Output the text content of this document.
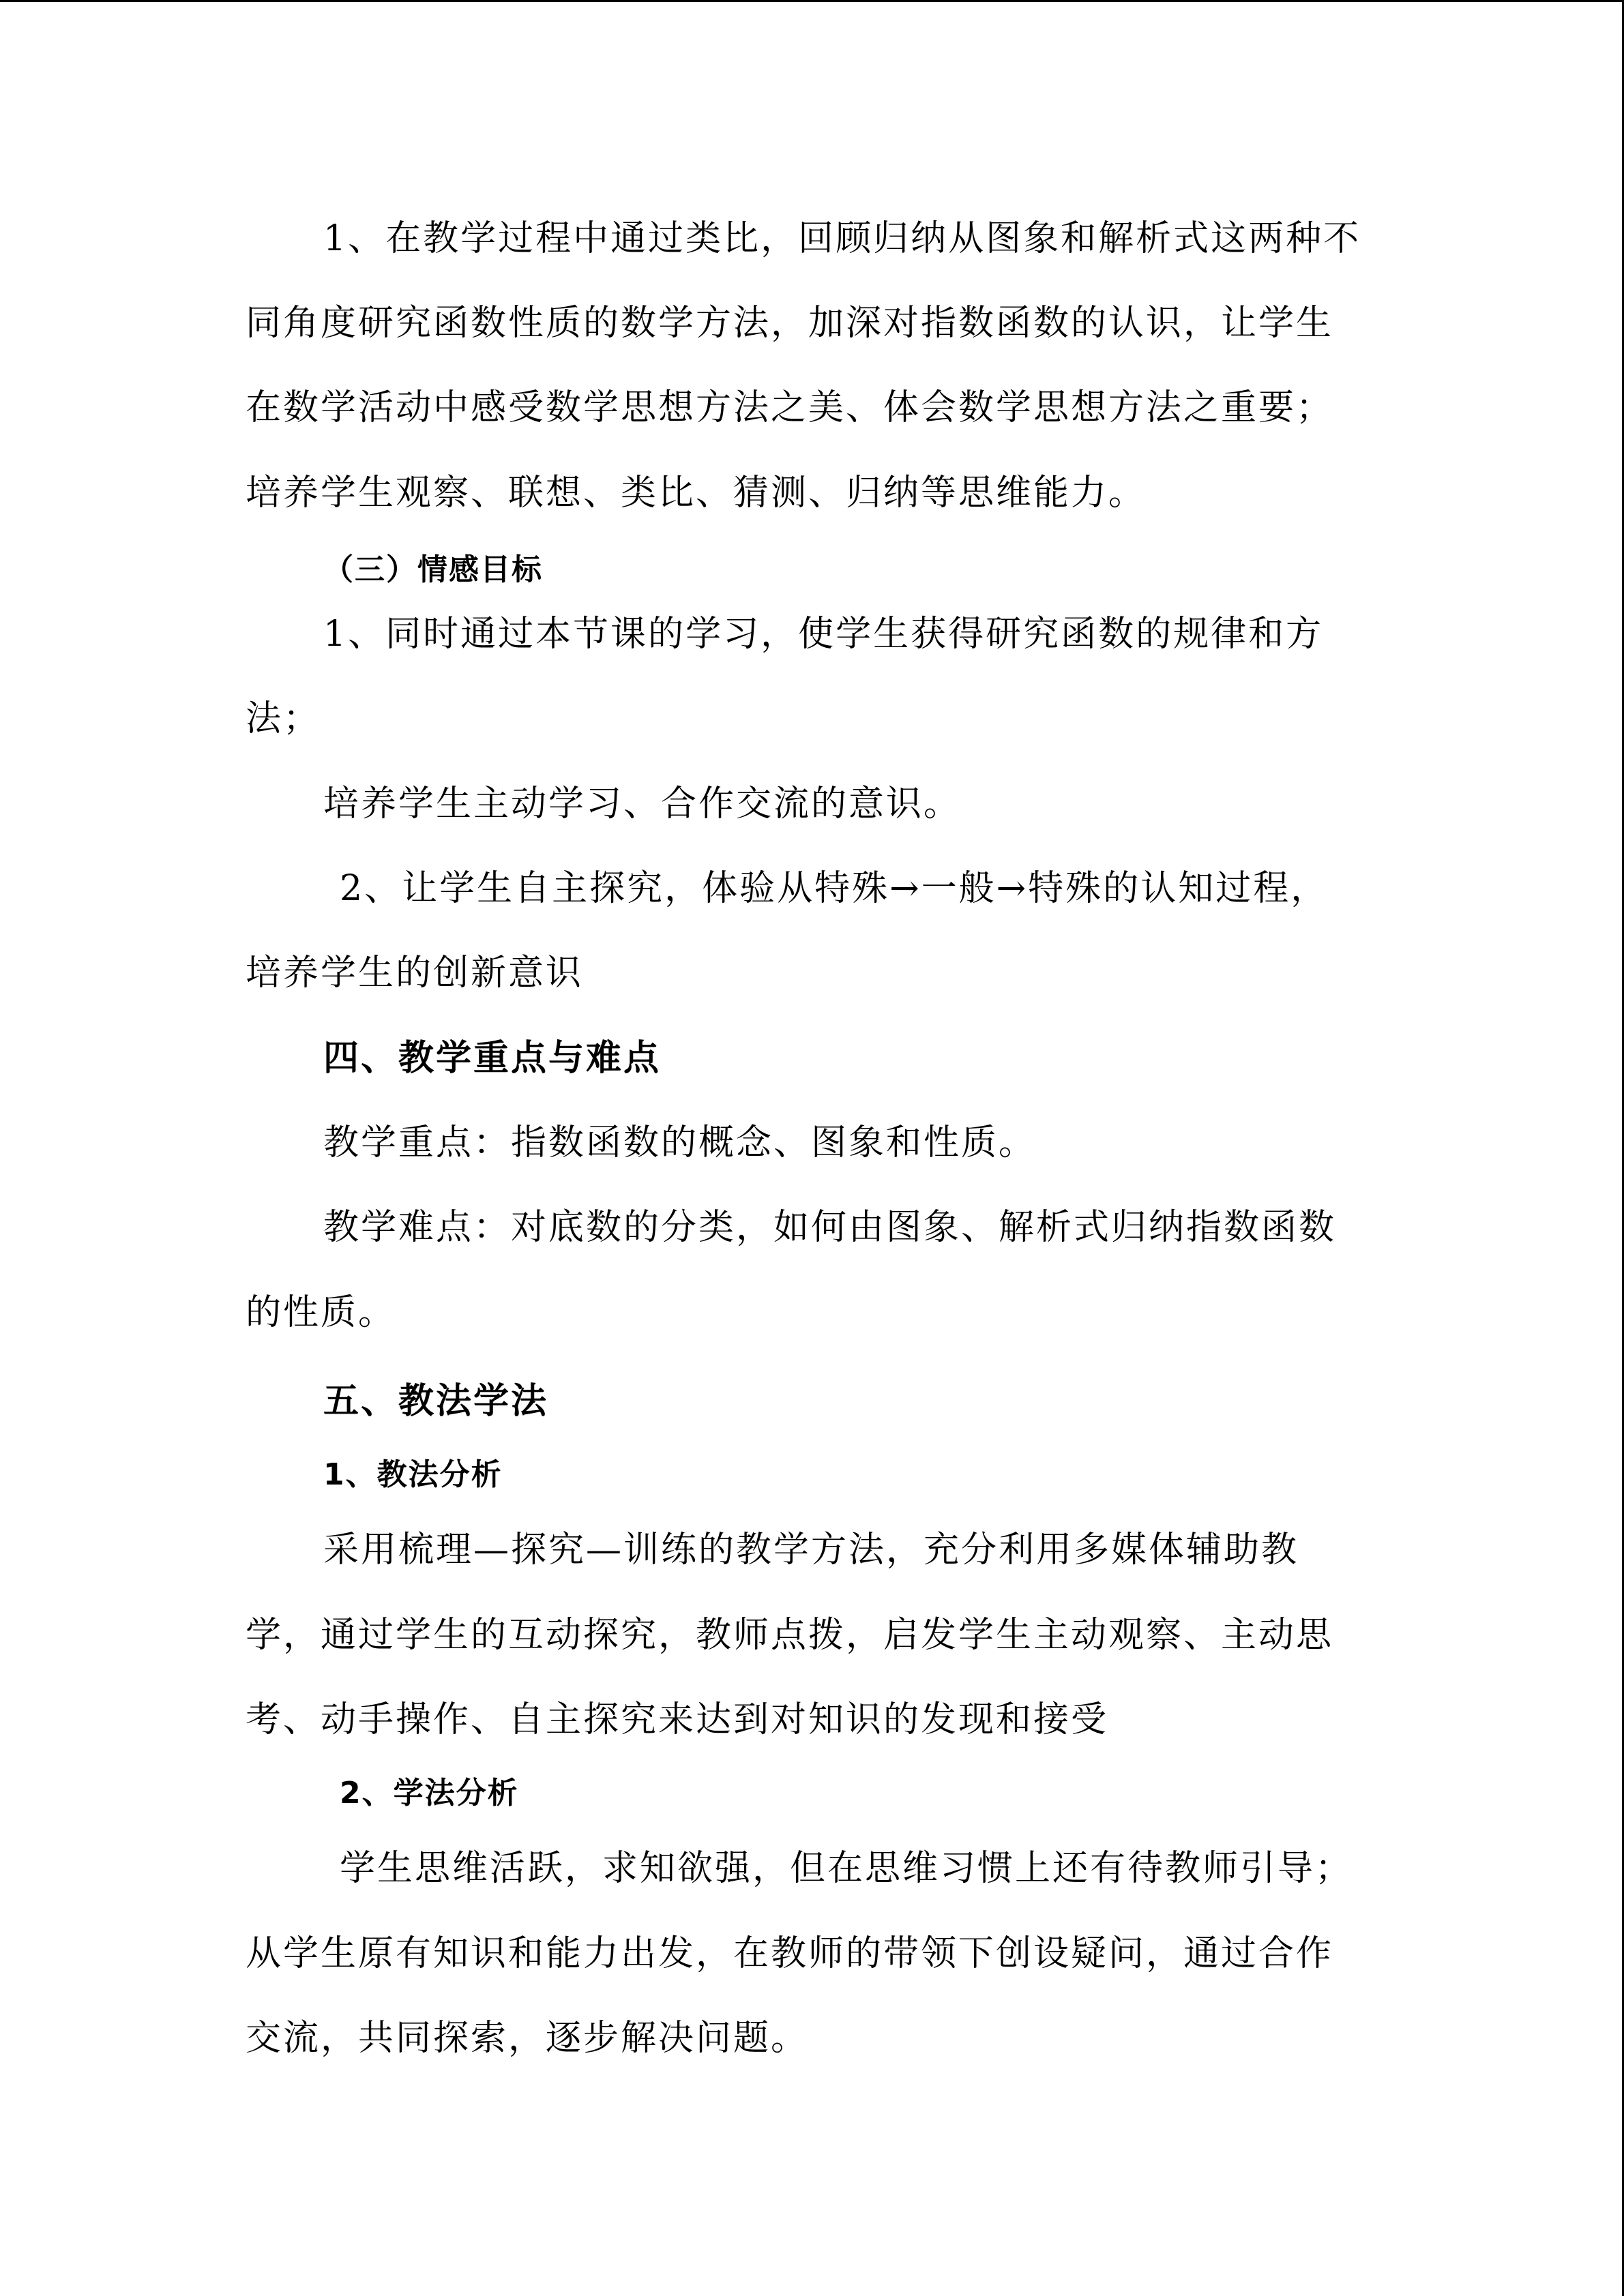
1、在教学过程中通过类比，回顾归纳从图象和解析式这两种不
同角度研究函数性质的数学方法，加深对指数函数的认识，让学生
在数学活动中感受数学思想方法之美、体会数学思想方法之重要；
培养学生观察、联想、类比、猜测、归纳等思维能力。
（三）情感目标
1、同时通过本节课的学习，使学生获得研究函数的规律和方
法；
培养学生主动学习、合作交流的意识。
2、让学生自主探究，体验从特殊→一般→特殊的认知过程，
培养学生的创新意识
四、教学重点与难点
教学重点：指数函数的概念、图象和性质。
教学难点：对底数的分类，如何由图象、解析式归纳指数函数
的性质。
五、教法学法
1、教法分析
采用梳理—探究—训练的教学方法，充分利用多媒体辅助教
学，通过学生的互动探究，教师点拨，启发学生主动观察、主动思
考、动手操作、自主探究来达到对知识的发现和接受
2、学法分析
学生思维活跃，求知欲强，但在思维习惯上还有待教师引导；
从学生原有知识和能力出发，在教师的带领下创设疑问，通过合作
交流，共同探索，逐步解决问题。
